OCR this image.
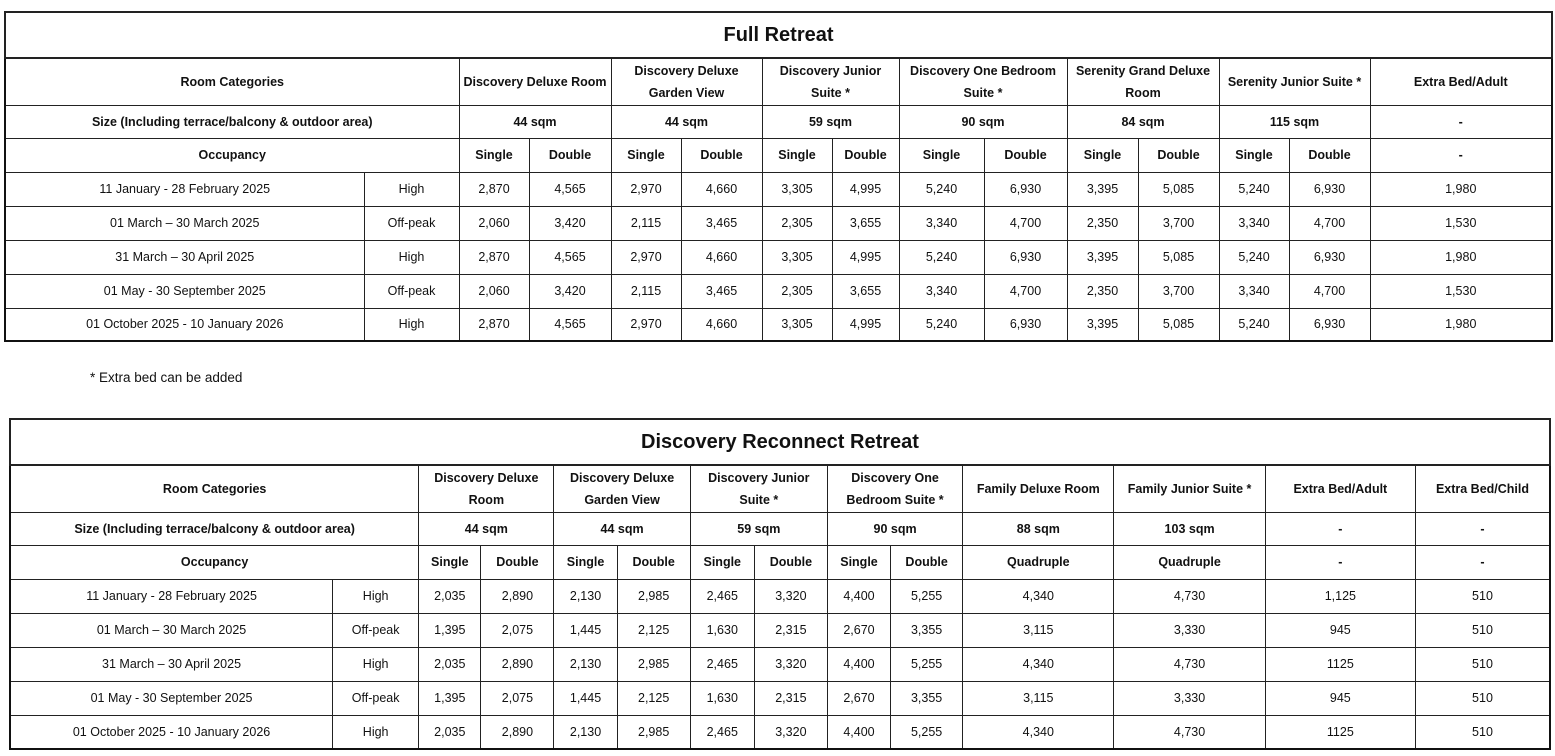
Full Retreat														
Room Categories		Discovery Deluxe Room		Discovery Deluxe Garden View		Discovery Junior Suite *		Discovery One Bedroom Suite *		Serenity Grand Deluxe Room		Serenity Junior Suite *		Extra Bed/Adult
Size (Including terrace/balcony & outdoor area)		44 sqm		44 sqm		59 sqm		90 sqm		84 sqm		115 sqm		-
Occupancy		Single	Double	Single	Double	Single	Double	Single	Double	Single	Double	Single	Double	-
11 January - 28 February 2025	High	2,870	4,565	2,970	4,660	3,305	4,995	5,240	6,930	3,395	5,085	5,240	6,930	1,980
01 March – 30 March 2025	Off-peak	2,060	3,420	2,115	3,465	2,305	3,655	3,340	4,700	2,350	3,700	3,340	4,700	1,530
31 March – 30 April 2025	High	2,870	4,565	2,970	4,660	3,305	4,995	5,240	6,930	3,395	5,085	5,240	6,930	1,980
01 May - 30 September 2025	Off-peak	2,060	3,420	2,115	3,465	2,305	3,655	3,340	4,700	2,350	3,700	3,340	4,700	1,530
01 October 2025 - 10 January 2026	High	2,870	4,565	2,970	4,660	3,305	4,995	5,240	6,930	3,395	5,085	5,240	6,930	1,980
* Extra bed can be added
Discovery Reconnect Retreat													
Room Categories		Discovery Deluxe Room		Discovery Deluxe Garden View		Discovery Junior Suite *		Discovery One Bedroom Suite *		Family Deluxe Room	Family Junior Suite *	Extra Bed/Adult	Extra Bed/Child
Size (Including terrace/balcony & outdoor area)		44 sqm		44 sqm		59 sqm		90 sqm		88 sqm	103 sqm	-	-
Occupancy		Single	Double	Single	Double	Single	Double	Single	Double	Quadruple	Quadruple	-	-
11 January - 28 February 2025	High	2,035	2,890	2,130	2,985	2,465	3,320	4,400	5,255	4,340	4,730	1,125	510
01 March – 30 March 2025	Off-peak	1,395	2,075	1,445	2,125	1,630	2,315	2,670	3,355	3,115	3,330	945	510
31 March – 30 April 2025	High	2,035	2,890	2,130	2,985	2,465	3,320	4,400	5,255	4,340	4,730	1125	510
01 May - 30 September 2025	Off-peak	1,395	2,075	1,445	2,125	1,630	2,315	2,670	3,355	3,115	3,330	945	510
01 October 2025 - 10 January 2026	High	2,035	2,890	2,130	2,985	2,465	3,320	4,400	5,255	4,340	4,730	1125	510
